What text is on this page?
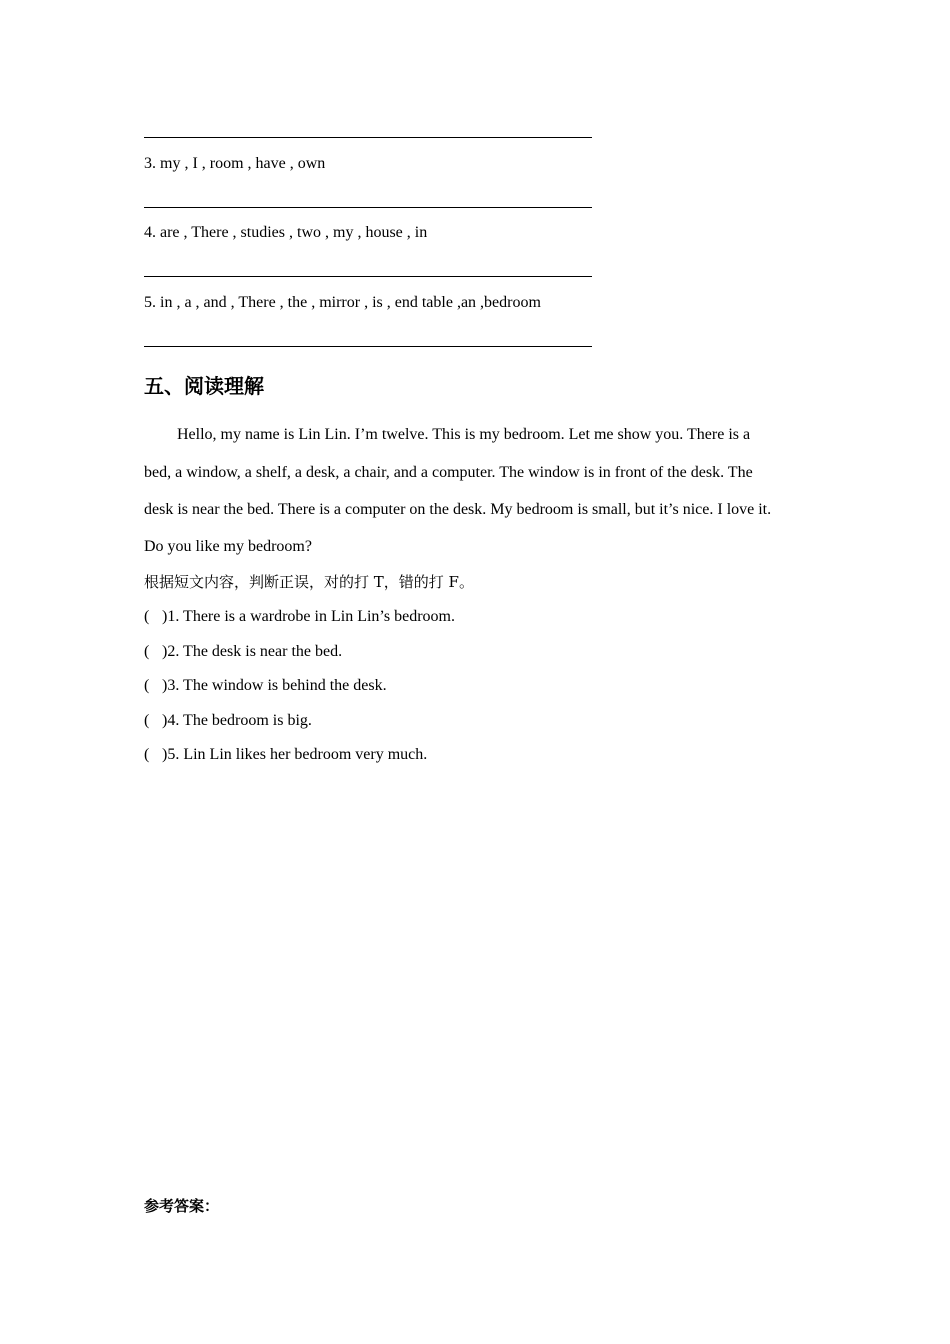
3. my , I , room , have , own
4. are , There , studies , two , my , house , in
5. in , a , and , There , the , mirror , is , end table ,an ,bedroom
五、阅读理解
Hello, my name is Lin Lin. I’m twelve. This is my bedroom. Let me show you. There is a
bed, a window, a shelf, a desk, a chair, and a computer. The window is in front of the desk. The
desk is near the bed. There is a computer on the desk. My bedroom is small, but it’s nice. I love it.
Do you like my bedroom?
根据短文内容，判断正误，对的打 T，错的打 F。
( )1. There is a wardrobe in Lin Lin’s bedroom.
( )2. The desk is near the bed.
( )3. The window is behind the desk.
( )4. The bedroom is big.
( )5. Lin Lin likes her bedroom very much.
参考答案：
